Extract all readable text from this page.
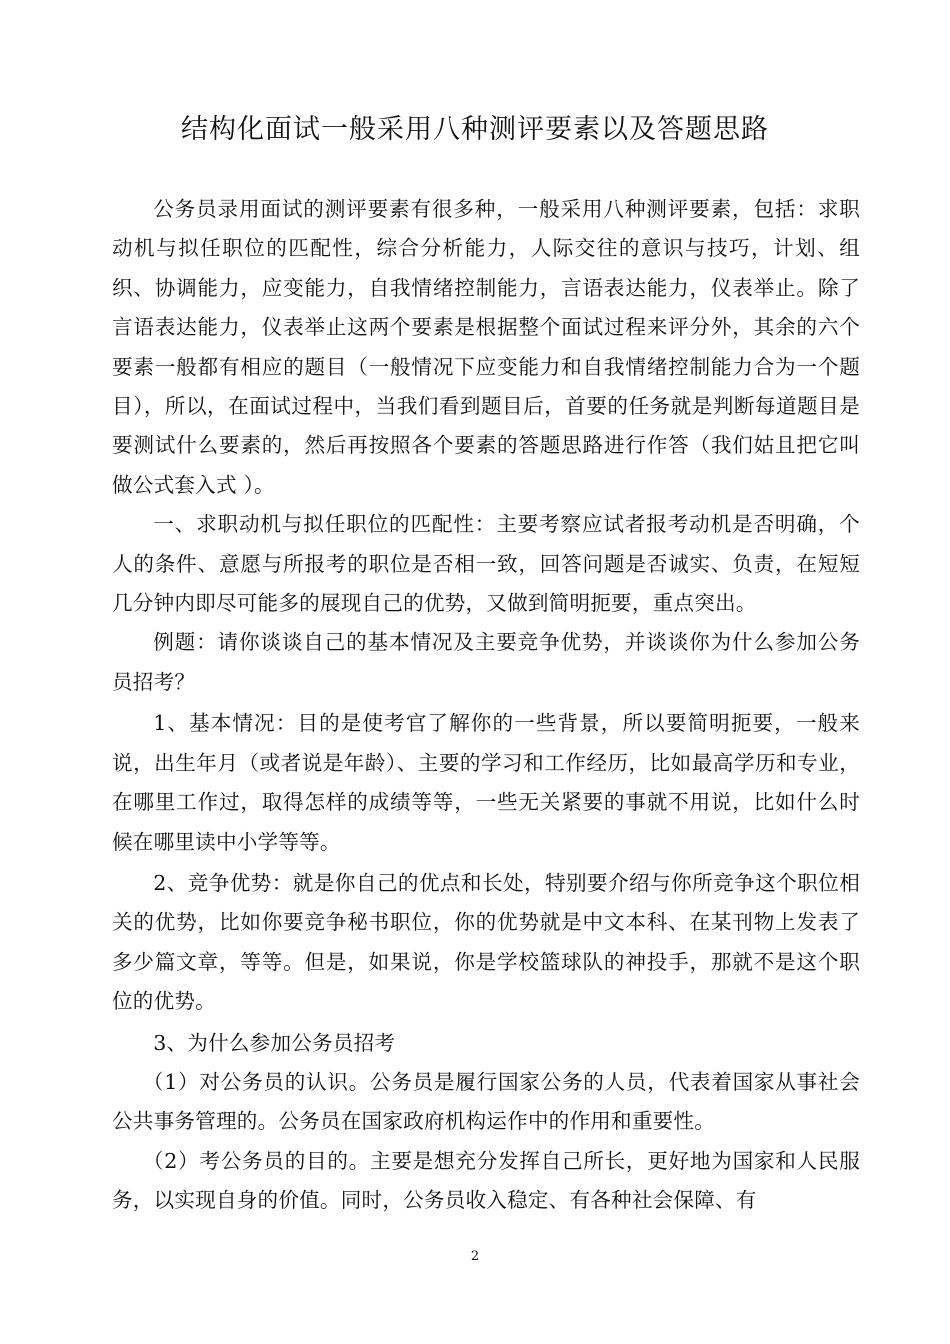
结构化面试一般采用八种测评要素以及答题思路

公务员录用面试的测评要素有很多种，一般采用八种测评要素，包括：求职动机与拟任职位的匹配性，综合分析能力，人际交往的意识与技巧，计划、组织、协调能力，应变能力，自我情绪控制能力，言语表达能力，仪表举止。除了言语表达能力，仪表举止这两个要素是根据整个面试过程来评分外，其余的六个要素一般都有相应的题目（一般情况下应变能力和自我情绪控制能力合为一个题目），所以，在面试过程中，当我们看到题目后，首要的任务就是判断每道题目是要测试什么要素的，然后再按照各个要素的答题思路进行作答（我们姑且把它叫做公式套入式 ）。

一、求职动机与拟任职位的匹配性：主要考察应试者报考动机是否明确，个人的条件、意愿与所报考的职位是否相一致，回答问题是否诚实、负责，在短短几分钟内即尽可能多的展现自己的优势，又做到简明扼要，重点突出。

例题：请你谈谈自己的基本情况及主要竞争优势，并谈谈你为什么参加公务员招考？

1、基本情况：目的是使考官了解你的一些背景，所以要简明扼要，一般来说，出生年月（或者说是年龄）、主要的学习和工作经历，比如最高学历和专业，在哪里工作过，取得怎样的成绩等等，一些无关紧要的事就不用说，比如什么时候在哪里读中小学等等。

2、竞争优势：就是你自己的优点和长处，特别要介绍与你所竞争这个职位相关的优势，比如你要竞争秘书职位，你的优势就是中文本科、在某刊物上发表了多少篇文章，等等。但是，如果说，你是学校篮球队的神投手，那就不是这个职位的优势。

3、为什么参加公务员招考

（1）对公务员的认识。公务员是履行国家公务的人员，代表着国家从事社会公共事务管理的。公务员在国家政府机构运作中的作用和重要性。

（2）考公务员的目的。主要是想充分发挥自己所长，更好地为国家和人民服务，以实现自身的价值。同时，公务员收入稳定、有各种社会保障、有

2
